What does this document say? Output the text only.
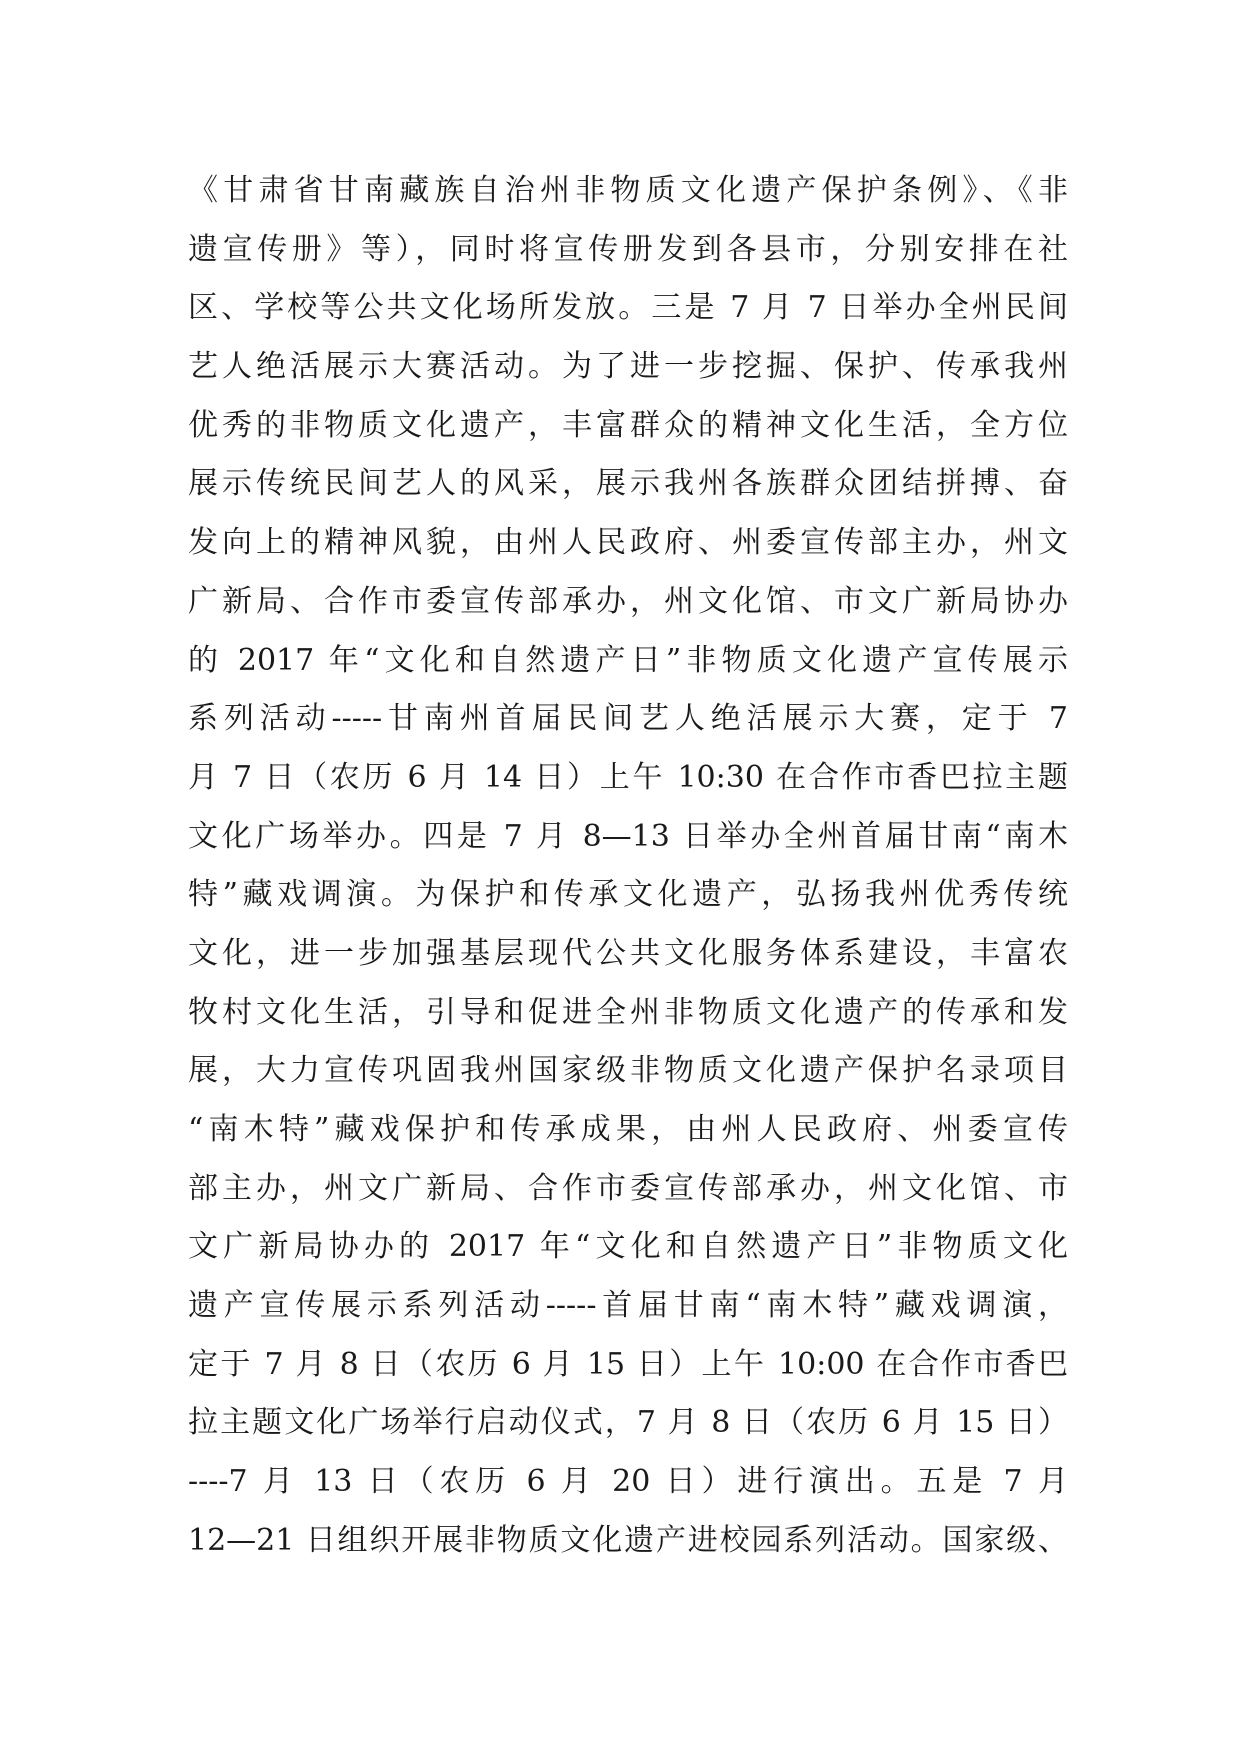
《甘肃省甘南藏族自治州非物质文化遗产保护条例》、《非
遗宣传册》等），同时将宣传册发到各县市，分别安排在社
区、学校等公共文化场所发放。三是 7 月 7 日举办全州民间
艺人绝活展示大赛活动。为了进一步挖掘、保护、传承我州
优秀的非物质文化遗产，丰富群众的精神文化生活，全方位
展示传统民间艺人的风采，展示我州各族群众团结拼搏、奋
发向上的精神风貌，由州人民政府、州委宣传部主办，州文
广新局、合作市委宣传部承办，州文化馆、市文广新局协办
的 2017 年“文化和自然遗产日”非物质文化遗产宣传展示
系列活动-----甘南州首届民间艺人绝活展示大赛，定于 7
月 7 日（农历 6 月 14 日）上午 10:30 在合作市香巴拉主题
文化广场举办。四是 7 月 8—13 日举办全州首届甘南“南木
特”藏戏调演。为保护和传承文化遗产，弘扬我州优秀传统
文化，进一步加强基层现代公共文化服务体系建设，丰富农
牧村文化生活，引导和促进全州非物质文化遗产的传承和发
展，大力宣传巩固我州国家级非物质文化遗产保护名录项目
“南木特”藏戏保护和传承成果，由州人民政府、州委宣传
部主办，州文广新局、合作市委宣传部承办，州文化馆、市
文广新局协办的 2017 年“文化和自然遗产日”非物质文化
遗产宣传展示系列活动-----首届甘南“南木特”藏戏调演，
定于 7 月 8 日（农历 6 月 15 日）上午 10:00 在合作市香巴
拉主题文化广场举行启动仪式，7 月 8 日（农历 6 月 15 日）
----7 月 13 日（农历 6 月 20 日）进行演出。五是 7 月
12—21 日组织开展非物质文化遗产进校园系列活动。国家级、
